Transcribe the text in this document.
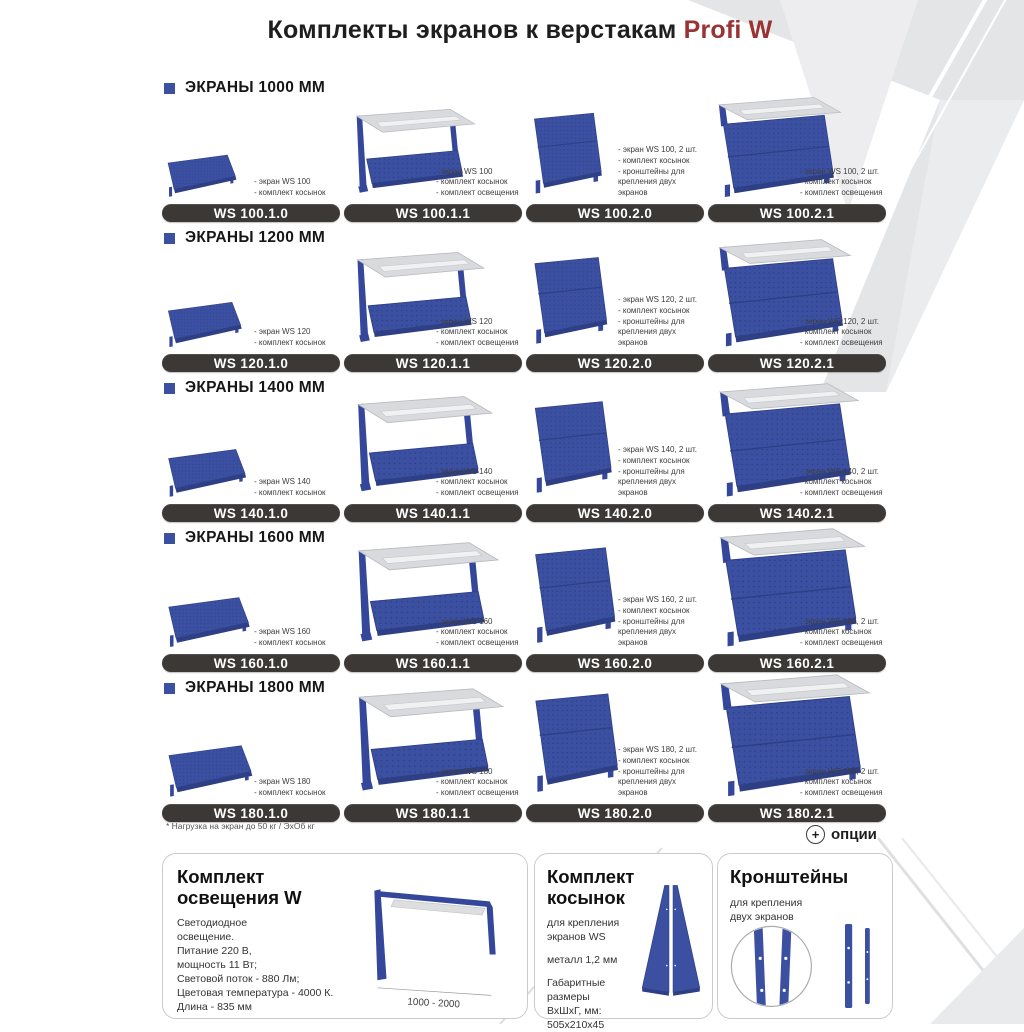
Комплекты экранов к верстакам Profi W
ЭКРАНЫ 1000 ММ
- экран WS 100
- комплект косынок
WS 100.1.0
- экран WS 100
- комплект косынок
- комплект освещения
WS 100.1.1
- экран WS 100, 2 шт.
- комплект косынок
- кронштейны для крепления двух экранов
WS 100.2.0
- экран WS 100, 2 шт.
- комплект косынок
- комплект освещения
WS 100.2.1
ЭКРАНЫ 1200 ММ
- экран WS 120
- комплект косынок
WS 120.1.0
- экран WS 120
- комплект косынок
- комплект освещения
WS 120.1.1
- экран WS 120, 2 шт.
- комплект косынок
- кронштейны для крепления двух экранов
WS 120.2.0
- экран WS 120, 2 шт.
- комплект косынок
- комплект освещения
WS 120.2.1
ЭКРАНЫ 1400 ММ
- экран WS 140
- комплект косынок
WS 140.1.0
- экран WS 140
- комплект косынок
- комплект освещения
WS 140.1.1
- экран WS 140, 2 шт.
- комплект косынок
- кронштейны для крепления двух экранов
WS 140.2.0
- экран WS 140, 2 шт.
- комплект косынок
- комплект освещения
WS 140.2.1
ЭКРАНЫ 1600 ММ
- экран WS 160
- комплект косынок
WS 160.1.0
- экран WS 160
- комплект косынок
- комплект освещения
WS 160.1.1
- экран WS 160, 2 шт.
- комплект косынок
- кронштейны для крепления двух экранов
WS 160.2.0
- экран WS 160, 2 шт.
- комплект косынок
- комплект освещения
WS 160.2.1
ЭКРАНЫ 1800 ММ
- экран WS 180
- комплект косынок
WS 180.1.0
- экран WS 180
- комплект косынок
- комплект освещения
WS 180.1.1
- экран WS 180, 2 шт.
- комплект косынок
- кронштейны для крепления двух экранов
WS 180.2.0
- экран WS 180, 2 шт.
- комплект косынок
- комплект освещения
WS 180.2.1
* Нагрузка на экран до 50 кг / ЭхОб кг
+ опции
Комплект освещения W
Светодиодное
освещение.
Питание 220 В,
мощность 11 Вт;
Световой поток - 880 Лм;
Цветовая температура - 4000 К.
Длина - 835 мм	1000 - 2000
Комплект косынок
для крепления
экранов WS
металл 1,2 мм
Габаритные размеры
ВхШхГ, мм: 505х210х45
Кронштейны
для крепления
двух экранов
